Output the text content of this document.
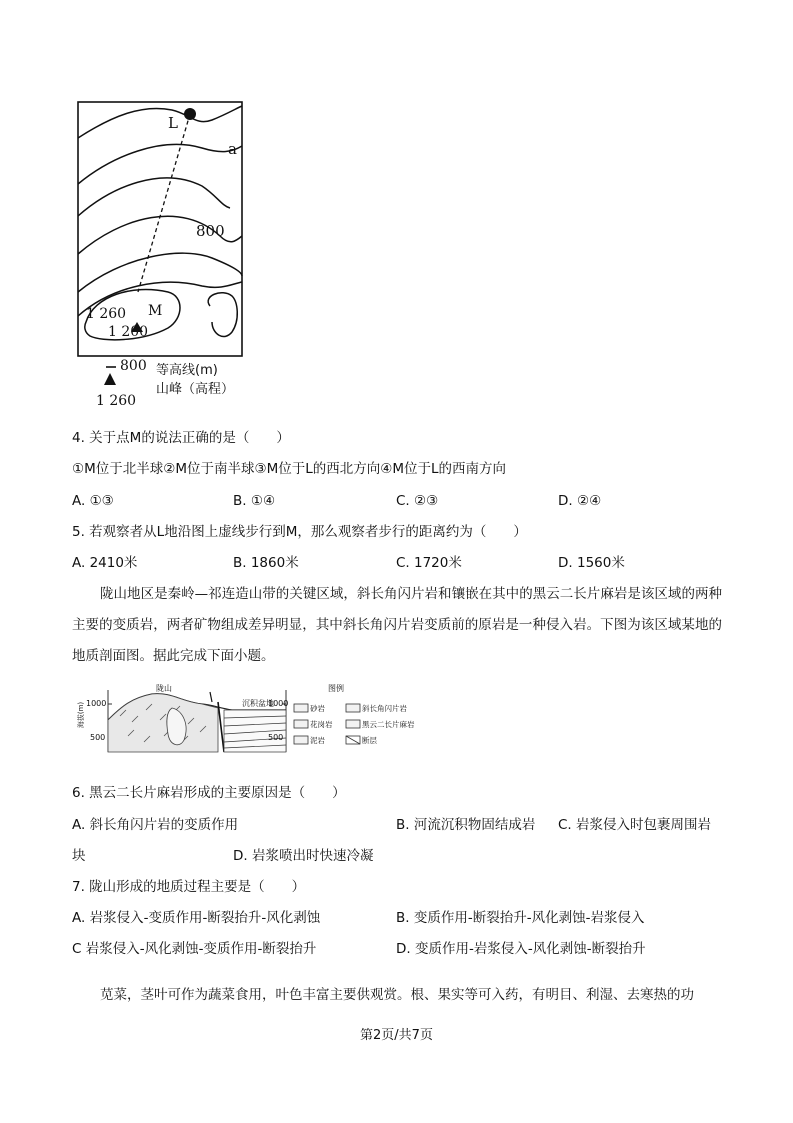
L
a
800
1 260 M
1 200
800 等高线(m)
山峰（高程）
1 260
4. 关于点M的说法正确的是（　　）
①M位于北半球②M位于南半球③M位于L的西北方向④M位于L的西南方向
A. ①③	B. ①④	C. ②③	D. ②④
5. 若观察者从L地沿图上虚线步行到M，那么观察者步行的距离约为（　　）
A. 2410米	B. 1860米	C. 1720米	D. 1560米
陇山地区是秦岭—祁连造山带的关键区域，斜长角闪片岩和镶嵌在其中的黑云二长片麻岩是该区域的两种主要的变质岩，两者矿物组成差异明显，其中斜长角闪片岩变质前的原岩是一种侵入岩。下图为该区域某地的地质剖面图。据此完成下面小题。
陇山
沉积盆地
图例
海拔(m) 1000
500
1000
500
砂岩	斜长角闪片岩
花岗岩	黑云二长片麻岩
泥岩	断层
6. 黑云二长片麻岩形成的主要原因是（　　）
A. 斜长角闪片岩的变质作用	B. 河流沉积物固结成岩 C. 岩浆侵入时包裹周围岩
块	D. 岩浆喷出时快速冷凝
7. 陇山形成的地质过程主要是（　　）
A. 岩浆侵入-变质作用-断裂抬升-风化剥蚀	B. 变质作用-断裂抬升-风化剥蚀-岩浆侵入
C 岩浆侵入-风化剥蚀-变质作用-断裂抬升	D. 变质作用-岩浆侵入-风化剥蚀-断裂抬升
苋菜，茎叶可作为蔬菜食用，叶色丰富主要供观赏。根、果实等可入药，有明目、利湿、去寒热的功
第2页/共7页
